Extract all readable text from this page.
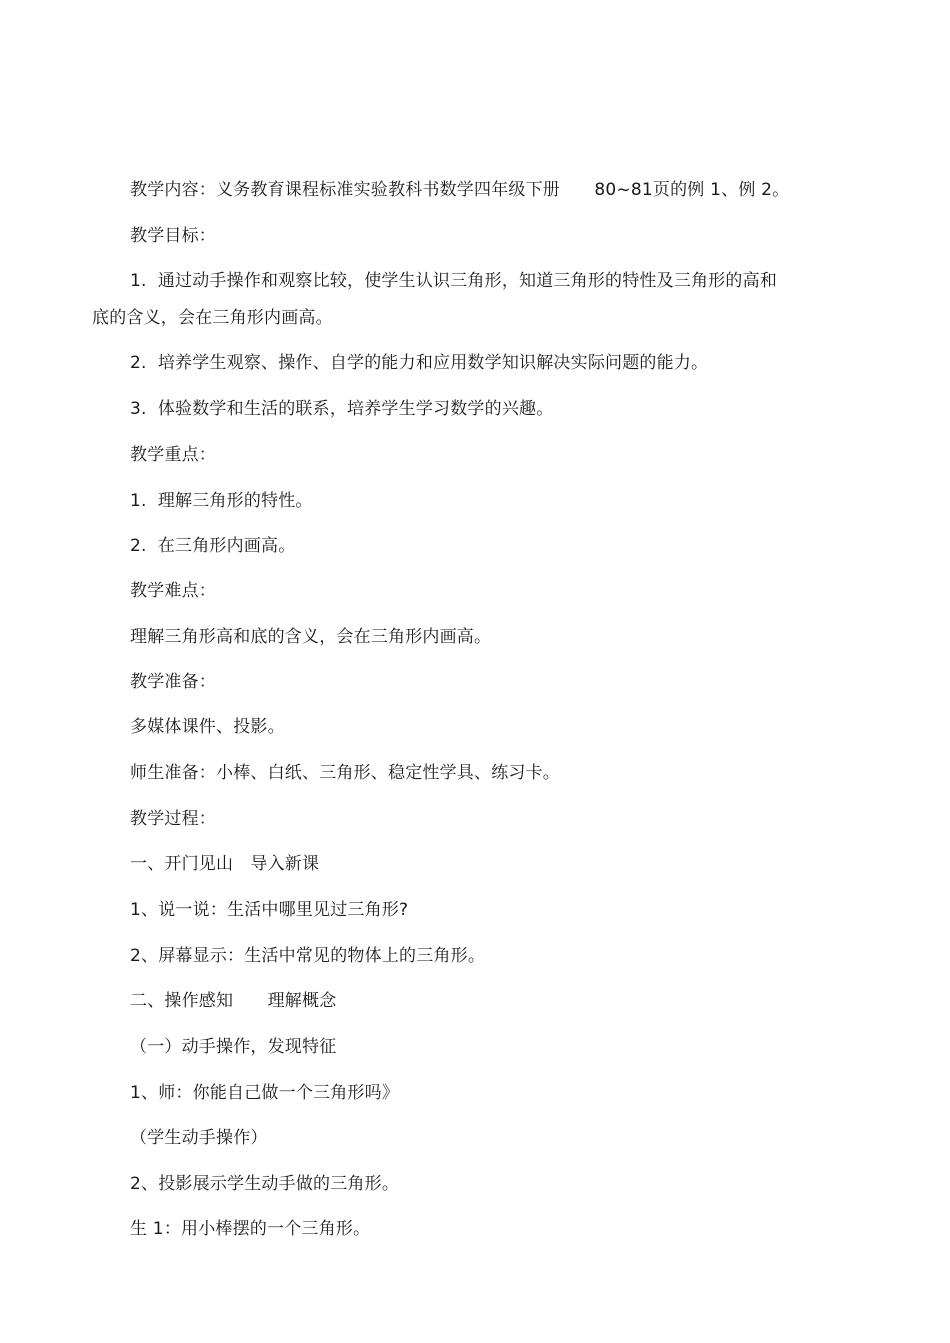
教学内容：义务教育课程标准实验教科书数学四年级下册　　80~81页的例 1、例 2。
教学目标：
1.  通过动手操作和观察比较，使学生认识三角形，知道三角形的特性及三角形的高和
底的含义，会在三角形内画高。
2.  培养学生观察、操作、自学的能力和应用数学知识解决实际问题的能力。
3.  体验数学和生活的联系，培养学生学习数学的兴趣。
教学重点：
1.  理解三角形的特性。
2.  在三角形内画高。
教学难点：
理解三角形高和底的含义，会在三角形内画高。
教学准备：
多媒体课件、投影。
师生准备：小棒、白纸、三角形、稳定性学具、练习卡。
教学过程：
一、开门见山　导入新课
1、说一说：生活中哪里见过三角形?
2、屏幕显示：生活中常见的物体上的三角形。
二、操作感知　　理解概念
（一）动手操作，发现特征
1、师：你能自己做一个三角形吗》
（学生动手操作）
2、投影展示学生动手做的三角形。
生 1：用小棒摆的一个三角形。
